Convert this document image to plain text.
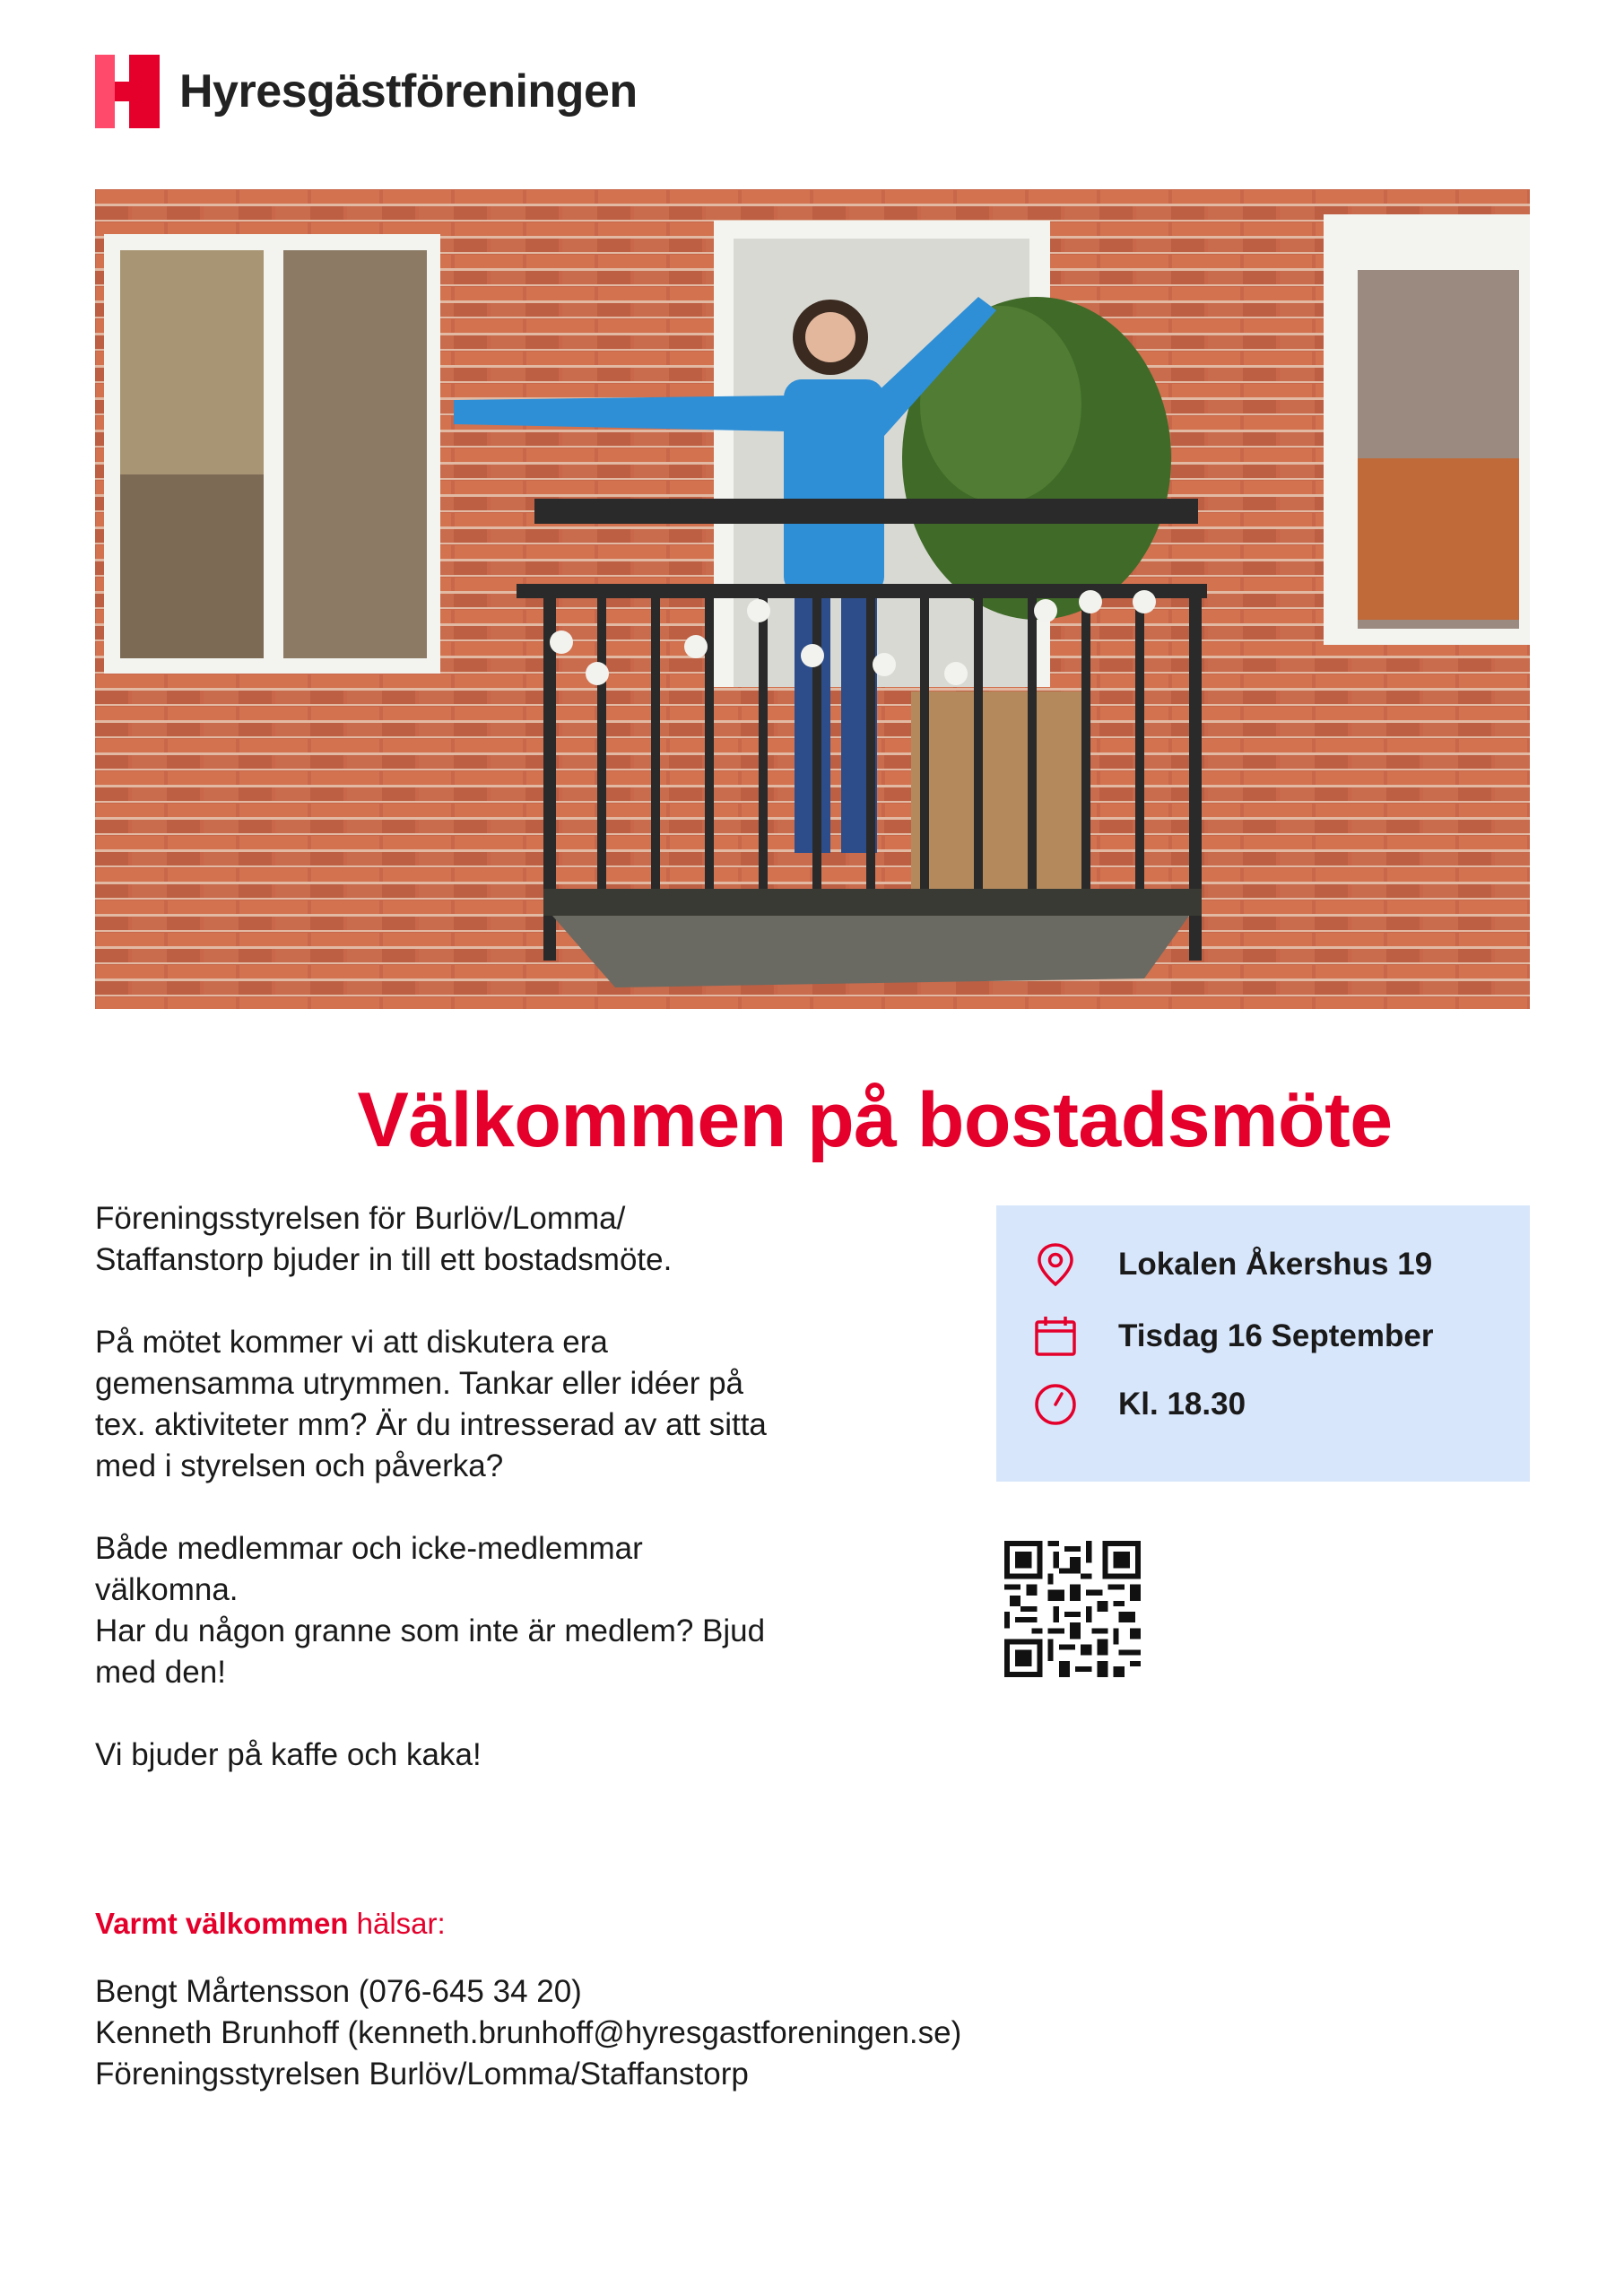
Hyresgästföreningen
Välkommen på bostadsmöte

Föreningsstyrelsen för Burlöv/Lomma/
Staffanstorp bjuder in till ett bostadsmöte.

På mötet kommer vi att diskutera era
gemensamma utrymmen. Tankar eller idéer på
tex. aktiviteter mm? Är du intresserad av att sitta
med i styrelsen och påverka?

Både medlemmar och icke-medlemmar
välkomna.
Har du någon granne som inte är medlem? Bjud
med den!

Vi bjuder på kaffe och kaka!

Lokalen Åkershus 19
Tisdag 16 September
Kl. 18.30
Varmt välkommen hälsar:
Bengt Mårtensson (076-645 34 20)
Kenneth Brunhoff (kenneth.brunhoff@hyresgastforeningen.se)
Föreningsstyrelsen Burlöv/Lomma/Staffanstorp
